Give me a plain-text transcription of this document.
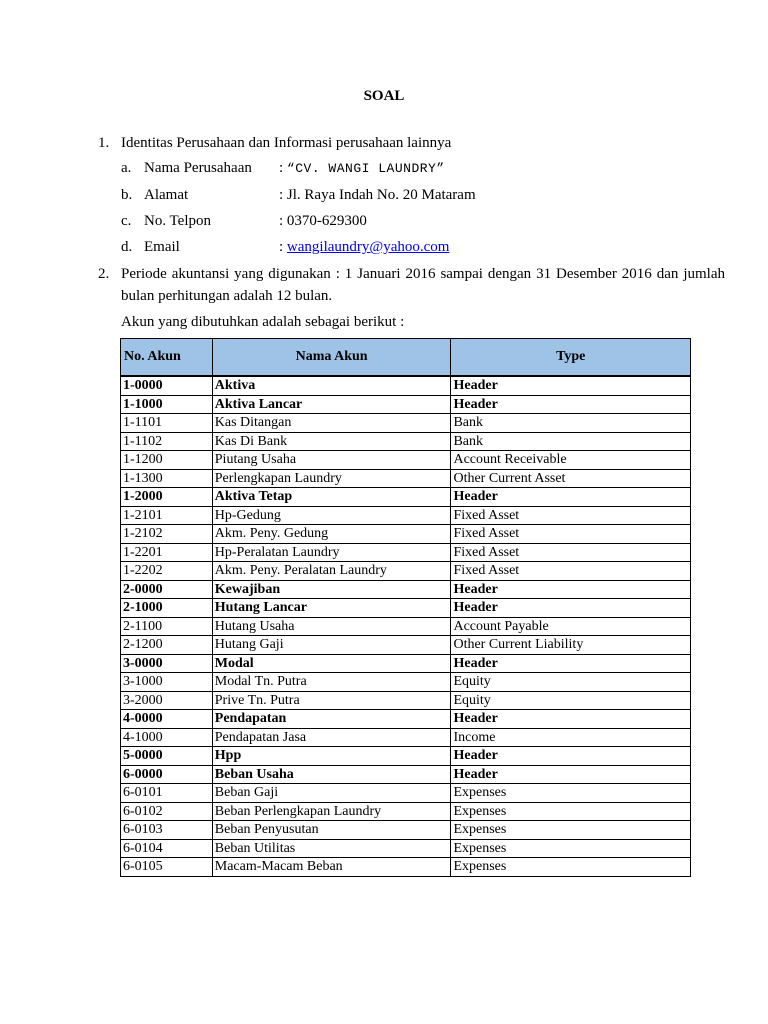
SOAL
1. Identitas Perusahaan dan Informasi perusahaan lainnya
a. Nama Perusahaan : “CV. WANGI LAUNDRY”
b. Alamat	: Jl. Raya Indah No. 20 Mataram
c. No. Telpon	: 0370-629300
d. Email	: wangilaundry@yahoo.com
2. Periode akuntansi yang digunakan : 1 Januari 2016 sampai dengan 31 Desember 2016 dan jumlah bulan perhitungan adalah 12 bulan.
Akun yang dibutuhkan adalah sebagai berikut :
No. Akun	Nama Akun	Type
1-0000	Aktiva	Header
1-1000	Aktiva Lancar	Header
1-1101	Kas Ditangan	Bank
1-1102	Kas Di Bank	Bank
1-1200	Piutang Usaha	Account Receivable
1-1300	Perlengkapan Laundry	Other Current Asset
1-2000	Aktiva Tetap	Header
1-2101	Hp-Gedung	Fixed Asset
1-2102	Akm. Peny. Gedung	Fixed Asset
1-2201	Hp-Peralatan Laundry	Fixed Asset
1-2202	Akm. Peny. Peralatan Laundry	Fixed Asset
2-0000	Kewajiban	Header
2-1000	Hutang Lancar	Header
2-1100	Hutang Usaha	Account Payable
2-1200	Hutang Gaji	Other Current Liability
3-0000	Modal	Header
3-1000	Modal Tn. Putra	Equity
3-2000	Prive Tn. Putra	Equity
4-0000	Pendapatan	Header
4-1000	Pendapatan Jasa	Income
5-0000	Hpp	Header
6-0000	Beban Usaha	Header
6-0101	Beban Gaji	Expenses
6-0102	Beban Perlengkapan Laundry	Expenses
6-0103	Beban Penyusutan	Expenses
6-0104	Beban Utilitas	Expenses
6-0105	Macam-Macam Beban	Expenses
